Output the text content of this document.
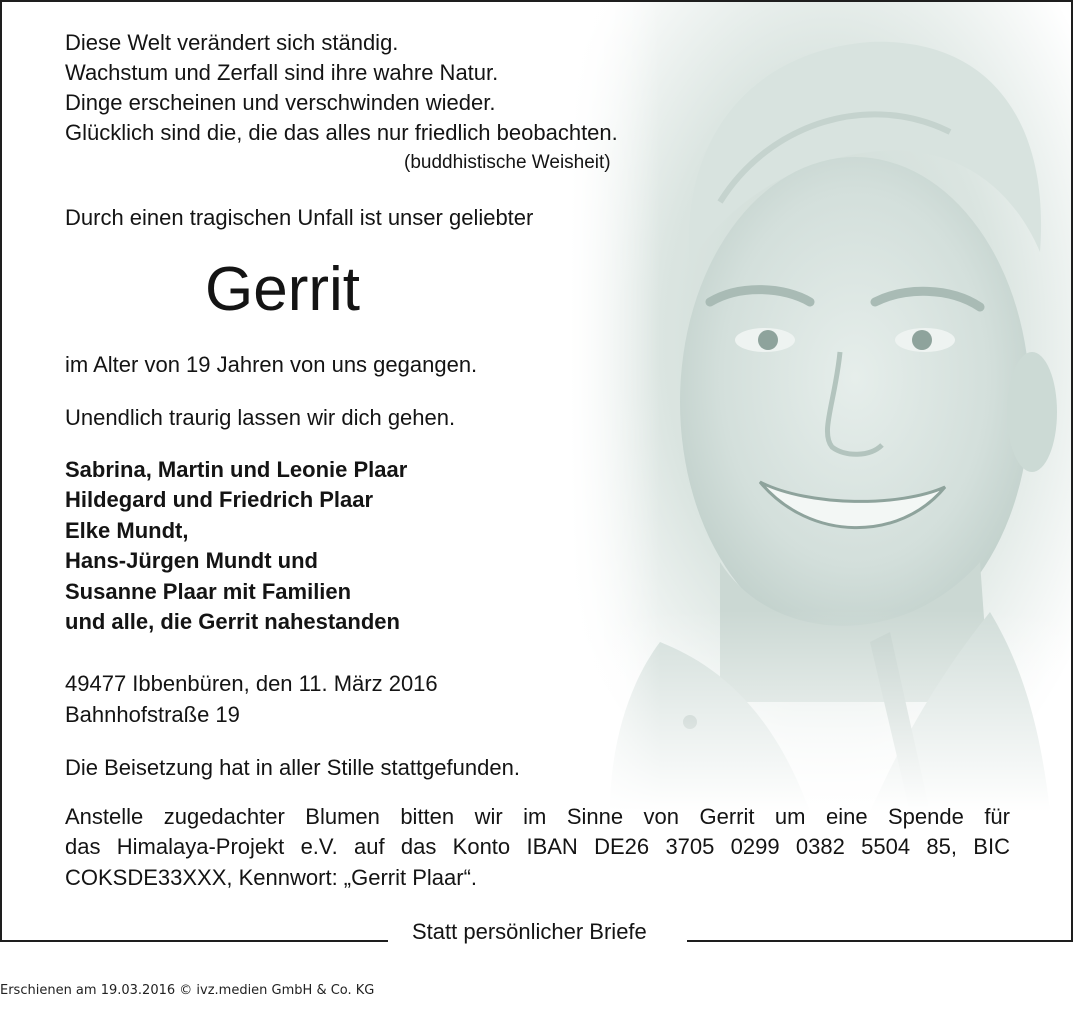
Diese Welt verändert sich ständig.
Wachstum und Zerfall sind ihre wahre Natur.
Dinge erscheinen und verschwinden wieder.
Glücklich sind die, die das alles nur friedlich beobachten.
(buddhistische Weisheit)
Durch einen tragischen Unfall ist unser geliebter
Gerrit
im Alter von 19 Jahren von uns gegangen.
Unendlich traurig lassen wir dich gehen.
Sabrina, Martin und Leonie Plaar
Hildegard und Friedrich Plaar
Elke Mundt,
Hans-Jürgen Mundt und
Susanne Plaar mit Familien
und alle, die Gerrit nahestanden
49477 Ibbenbüren, den 11. März 2016
Bahnhofstraße 19
Die Beisetzung hat in aller Stille stattgefunden.
Anstelle zugedachter Blumen bitten wir im Sinne von Gerrit um eine Spende für
das Himalaya-Projekt e.V. auf das Konto IBAN DE26 3705 0299 0382 5504 85, BIC
COKSDE33XXX, Kennwort: „Gerrit Plaar“.
Statt persönlicher Briefe
Erschienen am 19.03.2016 © ivz.medien GmbH & Co. KG
